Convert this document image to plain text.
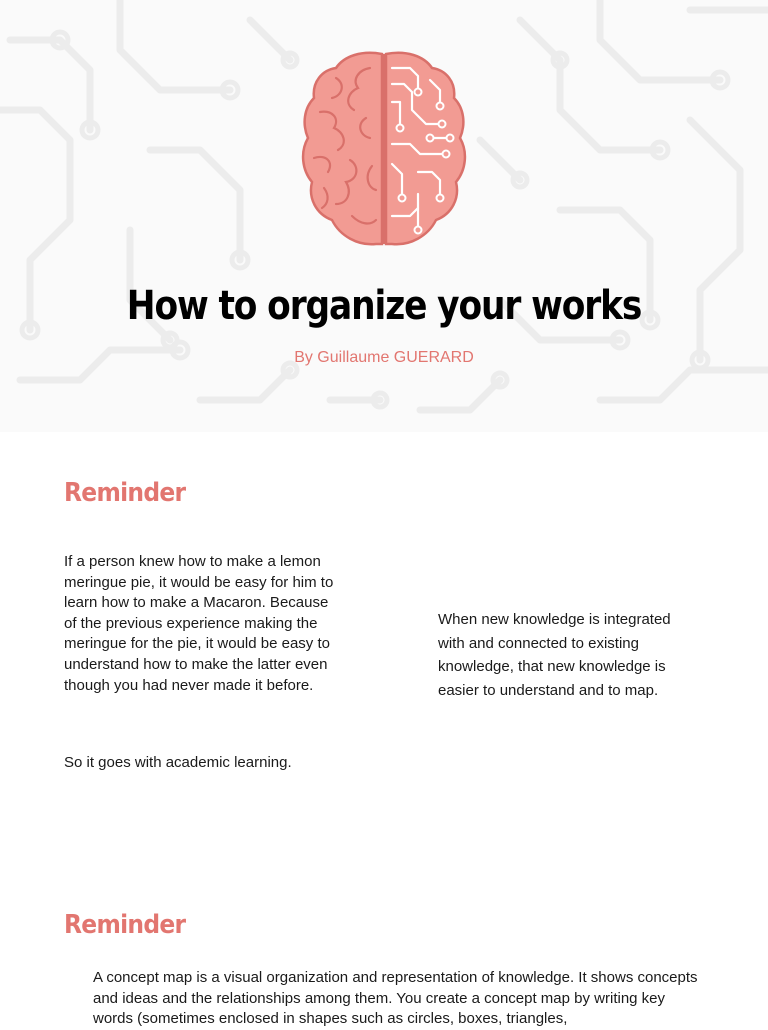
How to organize your works
By Guillaume GUERARD
Reminder

If a person knew how to make a lemon meringue pie, it would be easy for him to learn how to make a Macaron. Because of the previous experience making the meringue for the pie, it would be easy to understand how to make the latter even though you had never made it before.

So it goes with academic learning.

When new knowledge is integrated with and connected to existing knowledge, that new knowledge is easier to understand and to map.

Reminder

A concept map is a visual organization and representation of knowledge. It shows concepts and ideas and the relationships among them. You create a concept map by writing key words (sometimes enclosed in shapes such as circles, boxes, triangles,
